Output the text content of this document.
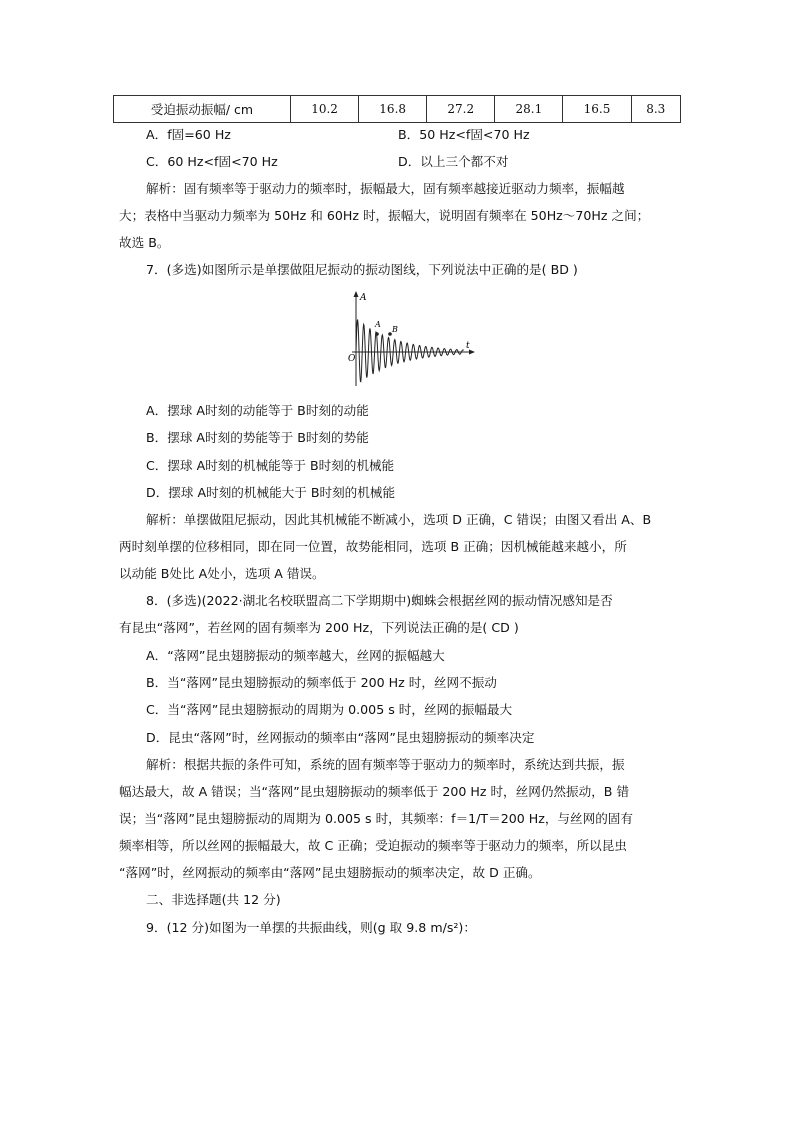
受迫振动振幅/ cm	10.2	16.8	27.2	28.1	16.5	8.3
A．f固=60 Hz	B．50 Hz<f固<70 Hz
C．60 Hz<f固<70 Hz	D．以上三个都不对
解析：固有频率等于驱动力的频率时，振幅最大，固有频率越接近驱动力频率，振幅越
大；表格中当驱动力频率为 50Hz 和 60Hz 时，振幅大，说明固有频率在 50Hz～70Hz 之间；
故选 B。
7．(多选)如图所示是单摆做阻尼振动的振动图线，下列说法中正确的是( BD )
A
t
O
A
B
A．摆球 A时刻的动能等于 B时刻的动能
B．摆球 A时刻的势能等于 B时刻的势能
C．摆球 A时刻的机械能等于 B时刻的机械能
D．摆球 A时刻的机械能大于 B时刻的机械能
解析：单摆做阻尼振动，因此其机械能不断减小，选项 D 正确，C 错误；由图又看出 A、B
两时刻单摆的位移相同，即在同一位置，故势能相同，选项 B 正确；因机械能越来越小，所
以动能 B处比 A处小，选项 A 错误。
8．(多选)(2022·湖北名校联盟高二下学期期中)蜘蛛会根据丝网的振动情况感知是否
有昆虫“落网”，若丝网的固有频率为 200 Hz，下列说法正确的是( CD )
A．“落网”昆虫翅膀振动的频率越大，丝网的振幅越大
B．当“落网”昆虫翅膀振动的频率低于 200 Hz 时，丝网不振动
C．当“落网”昆虫翅膀振动的周期为 0.005 s 时，丝网的振幅最大
D．昆虫“落网”时，丝网振动的频率由“落网”昆虫翅膀振动的频率决定
解析：根据共振的条件可知，系统的固有频率等于驱动力的频率时，系统达到共振，振
幅达最大，故 A 错误；当“落网”昆虫翅膀振动的频率低于 200 Hz 时，丝网仍然振动，B 错
误；当“落网”昆虫翅膀振动的周期为 0.005 s 时，其频率：f＝1/T＝200 Hz，与丝网的固有
频率相等，所以丝网的振幅最大，故 C 正确；受迫振动的频率等于驱动力的频率，所以昆虫
“落网”时，丝网振动的频率由“落网”昆虫翅膀振动的频率决定，故 D 正确。
二、非选择题(共 12 分)
9．(12 分)如图为一单摆的共振曲线，则(g 取 9.8 m/s²)：
